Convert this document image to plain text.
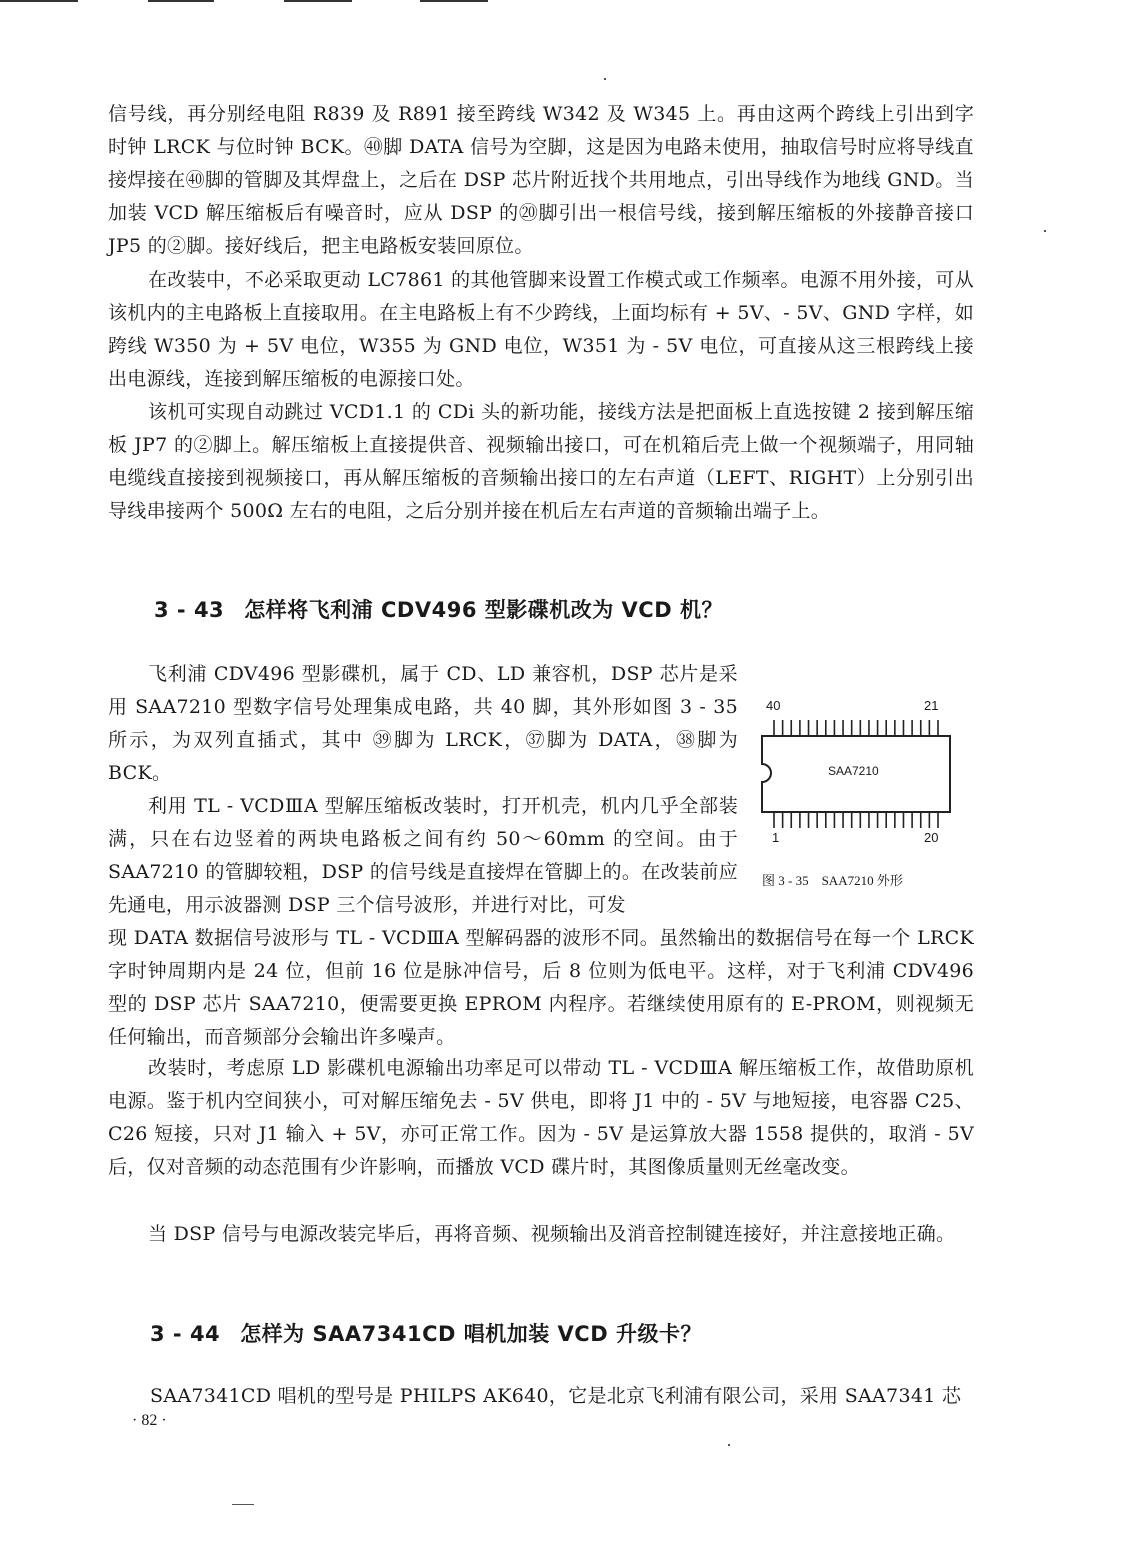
信号线，再分别经电阻 R839 及 R891 接至跨线 W342 及 W345 上。再由这两个跨线上引出到字时钟 LRCK 与位时钟 BCK。㊵脚 DATA 信号为空脚，这是因为电路未使用，抽取信号时应将导线直接焊接在㊵脚的管脚及其焊盘上，之后在 DSP 芯片附近找个共用地点，引出导线作为地线 GND。当加装 VCD 解压缩板后有噪音时，应从 DSP 的⑳脚引出一根信号线，接到解压缩板的外接静音接口 JP5 的②脚。接好线后，把主电路板安装回原位。

在改装中，不必采取更动 LC7861 的其他管脚来设置工作模式或工作频率。电源不用外接，可从该机内的主电路板上直接取用。在主电路板上有不少跨线，上面均标有 + 5V、- 5V、GND 字样，如跨线 W350 为 + 5V 电位，W355 为 GND 电位，W351 为 - 5V 电位，可直接从这三根跨线上接出电源线，连接到解压缩板的电源接口处。

该机可实现自动跳过 VCD1.1 的 CDi 头的新功能，接线方法是把面板上直选按键 2 接到解压缩板 JP7 的②脚上。解压缩板上直接提供音、视频输出接口，可在机箱后壳上做一个视频端子，用同轴电缆线直接接到视频接口，再从解压缩板的音频输出接口的左右声道（LEFT、RIGHT）上分别引出导线串接两个 500Ω 左右的电阻，之后分别并接在机后左右声道的音频输出端子上。

3 - 43 怎样将飞利浦 CDV496 型影碟机改为 VCD 机？

飞利浦 CDV496 型影碟机，属于 CD、LD 兼容机，DSP 芯片是采用 SAA7210 型数字信号处理集成电路，共 40 脚，其外形如图 3 - 35 所示，为双列直插式，其中 ㊴脚为 LRCK，㊲脚为 DATA，㊳脚为 BCK。

利用 TL - VCDⅢA 型解压缩板改装时，打开机壳，机内几乎全部装满，只在右边竖着的两块电路板之间有约 50～60mm 的空间。由于 SAA7210 的管脚较粗，DSP 的信号线是直接焊在管脚上的。在改装前应先通电，用示波器测 DSP 三个信号波形，并进行对比，可发

现 DATA 数据信号波形与 TL - VCDⅢA 型解码器的波形不同。虽然输出的数据信号在每一个 LRCK 字时钟周期内是 24 位，但前 16 位是脉冲信号，后 8 位则为低电平。这样，对于飞利浦 CDV496 型的 DSP 芯片 SAA7210，便需要更换 EPROM 内程序。若继续使用原有的 E-PROM，则视频无任何输出，而音频部分会输出许多噪声。

改装时，考虑原 LD 影碟机电源输出功率足可以带动 TL - VCDⅢA 解压缩板工作，故借助原机电源。鉴于机内空间狭小，可对解压缩免去 - 5V 供电，即将 J1 中的 - 5V 与地短接，电容器 C25、C26 短接，只对 J1 输入 + 5V，亦可正常工作。因为 - 5V 是运算放大器 1558 提供的，取消 - 5V 后，仅对音频的动态范围有少许影响，而播放 VCD 碟片时，其图像质量则无丝毫改变。

当 DSP 信号与电源改装完毕后，再将音频、视频输出及消音控制键连接好，并注意接地正确。

40	21
SAA7210
1	20
图 3 - 35　SAA7210 外形
3 - 44 怎样为 SAA7341CD 唱机加装 VCD 升级卡？

SAA7341CD 唱机的型号是 PHILPS AK640，它是北京飞利浦有限公司，采用 SAA7341 芯

· 82 ·
